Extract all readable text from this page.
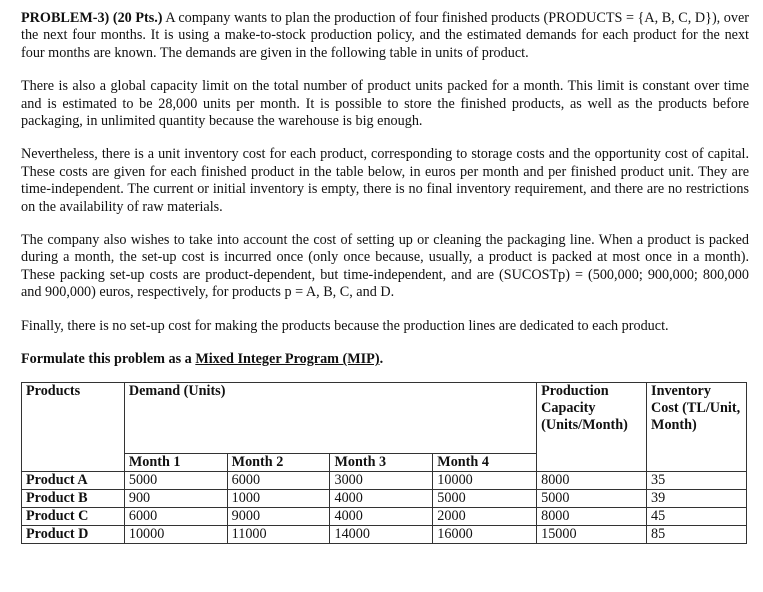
PROBLEM-3) (20 Pts.) A company wants to plan the production of four finished products (PRODUCTS = {A, B, C, D}), over the next four months. It is using a make-to-stock production policy, and the estimated demands for each product for the next four months are known. The demands are given in the following table in units of product.

There is also a global capacity limit on the total number of product units packed for a month. This limit is constant over time and is estimated to be 28,000 units per month. It is possible to store the finished products, as well as the products before packaging, in unlimited quantity because the warehouse is big enough.

Nevertheless, there is a unit inventory cost for each product, corresponding to storage costs and the opportunity cost of capital. These costs are given for each finished product in the table below, in euros per month and per finished product unit. They are time-independent. The current or initial inventory is empty, there is no final inventory requirement, and there are no restrictions on the availability of raw materials.

The company also wishes to take into account the cost of setting up or cleaning the packaging line. When a product is packed during a month, the set-up cost is incurred once (only once because, usually, a product is packed at most once in a month). These packing set-up costs are product-dependent, but time-independent, and are (SUCOSTp) = (500,000; 900,000; 800,000 and 900,000) euros, respectively, for products p = A, B, C, and D.

Finally, there is no set-up cost for making the products because the production lines are dedicated to each product.

Formulate this problem as a Mixed Integer Program (MIP).

Products	Demand (Units)				Production Capacity (Units/Month)	Inventory Cost (TL/Unit, Month)
	Month 1	Month 2	Month 3	Month 4		
Product A	5000	6000	3000	10000	8000	35
Product B	900	1000	4000	5000	5000	39
Product C	6000	9000	4000	2000	8000	45
Product D	10000	11000	14000	16000	15000	85
